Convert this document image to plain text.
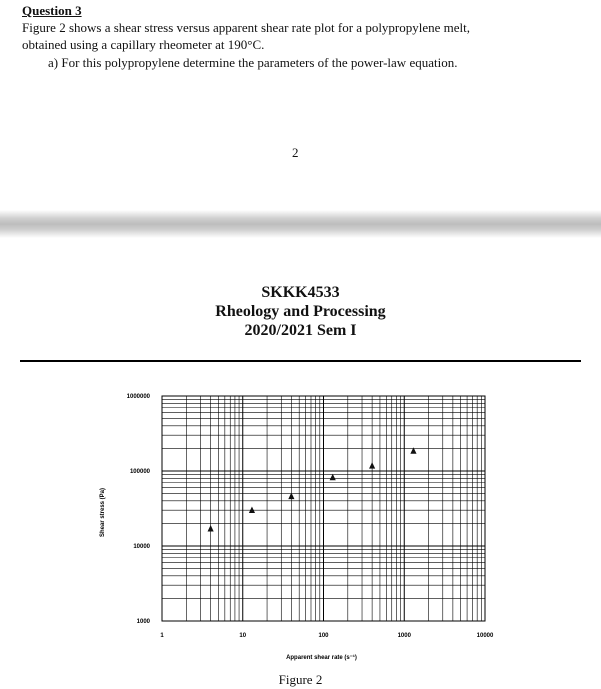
Question 3
Figure 2 shows a shear stress versus apparent shear rate plot for a polypropylene melt,
obtained using a capillary rheometer at 190°C.
a) For this polypropylene determine the parameters of the power-law equation.
2
SKKK4533
Rheology and Processing
2020/2021 Sem I
1	10	100	1000	10000
1000
10000
100000
1000000
Apparent shear rate (s⁻¹)
Shear stress (Pa)
Figure 2
